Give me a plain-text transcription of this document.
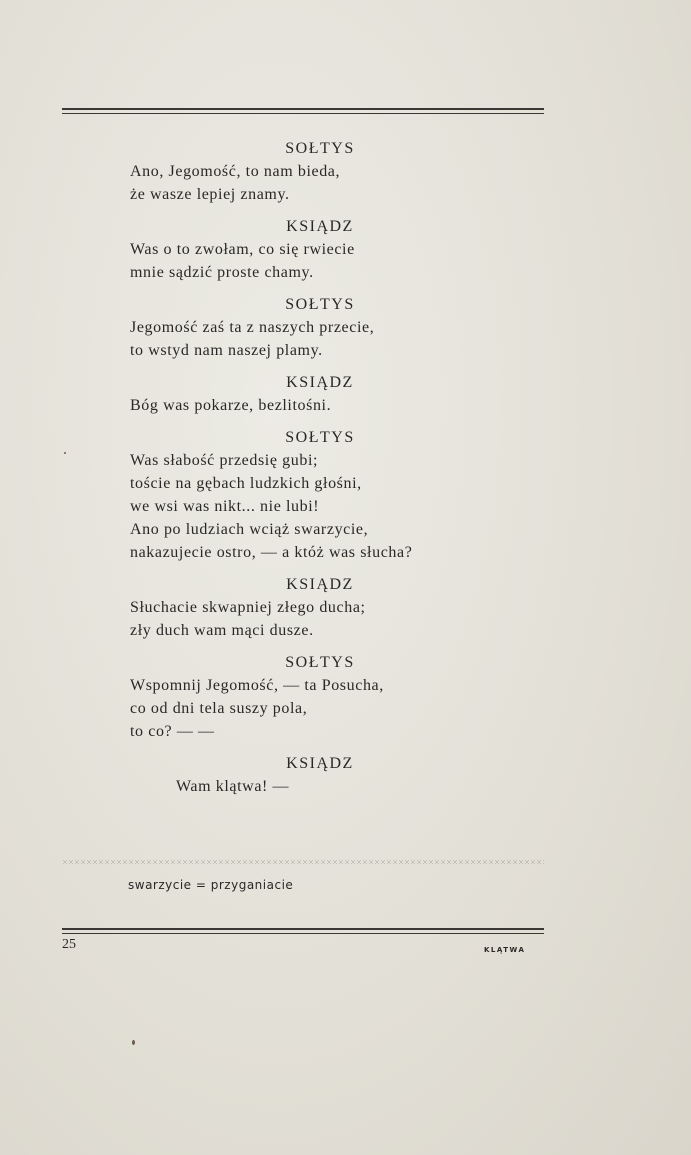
SOŁTYS

Ano, Jegomość, to nam bieda,

że wasze lepiej znamy.

KSIĄDZ

Was o to zwołam, co się rwiecie

mnie sądzić proste chamy.

SOŁTYS

Jegomość zaś ta z naszych przecie,

to wstyd nam naszej plamy.

KSIĄDZ

Bóg was pokarze, bezlitośni.

SOŁTYS

Was słabość przedsię gubi;

toście na gębach ludzkich głośni,

we wsi was nikt... nie lubi!

Ano po ludziach wciąż swarzycie,

nakazujecie ostro, — a któż was słucha?

KSIĄDZ

Słuchacie skwapniej złego ducha;

zły duch wam mąci dusze.

SOŁTYS

Wspomnij Jegomość, — ta Posucha,

co od dni tela suszy pola,

to co? — —

KSIĄDZ

Wam klątwa! —

swarzycie = przyganiacie
25	KLĄTWA
